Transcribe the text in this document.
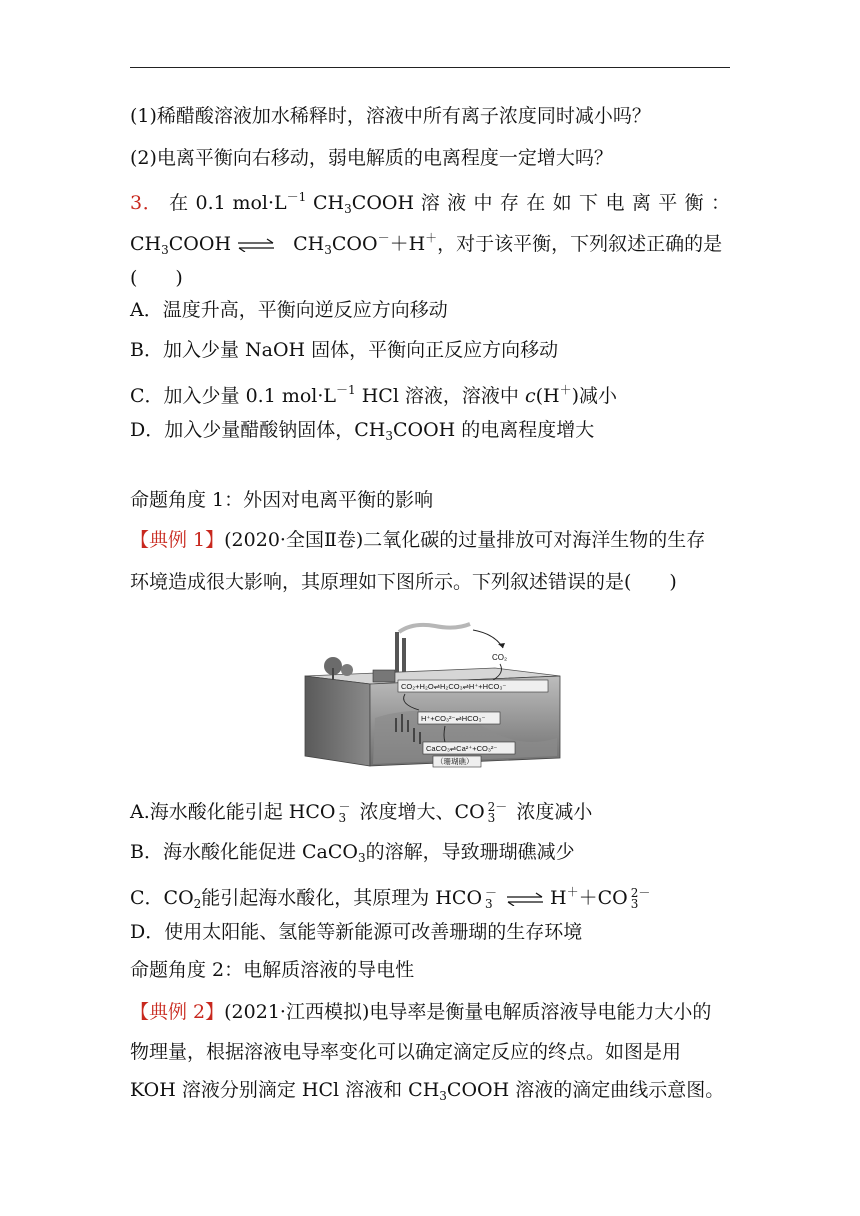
(1)稀醋酸溶液加水稀释时，溶液中所有离子浓度同时减小吗？
(2)电离平衡向右移动，弱电解质的电离程度一定增大吗？
3． 在 0.1 $mol\cdot L^{-1}$ $CH_3COOH$ 溶 液 中 存 在 如 下 电 离 平 衡 ：
$CH_3COOH$ ⇌ $CH_3COO^-+H^+$，对于该平衡，下列叙述正确的是
(　　)
A．温度升高，平衡向逆反应方向移动
B．加入少量 NaOH 固体，平衡向正反应方向移动
C．加入少量 0.1 $mol\cdot L^{-1}$ HCl 溶液，溶液中 c(H＋)减小
D．加入少量醋酸钠固体，$CH_3COOH$ 的电离程度增大
命题角度 1：外因对电离平衡的影响
【典例 1】(2020·全国Ⅱ卷)二氧化碳的过量排放可对海洋生物的生存
环境造成很大影响，其原理如下图所示。下列叙述错误的是(　　)
CO₂
CO₂+H₂O⇌H₂CO₃⇌H⁺+HCO₃⁻
H⁺+CO₃²⁻⇌HCO₃⁻
CaCO₃⇌Ca²⁺+CO₃²⁻
（珊瑚礁）
A.海水酸化能引起 HCO －
3 浓度增大、CO 2－
3 浓度减小
B．海水酸化能促进 CaCO$_3$的溶解，导致珊瑚礁减少
C．$CO_2$能引起海水酸化，其原理为 HCO －
3 ⇌ H＋＋CO 2－
3
D．使用太阳能、氢能等新能源可改善珊瑚的生存环境
命题角度 2：电解质溶液的导电性
【典例 2】(2021·江西模拟)电导率是衡量电解质溶液导电能力大小的
物理量，根据溶液电导率变化可以确定滴定反应的终点。如图是用
KOH 溶液分别滴定 HCl 溶液和 $CH_3COOH$ 溶液的滴定曲线示意图。
